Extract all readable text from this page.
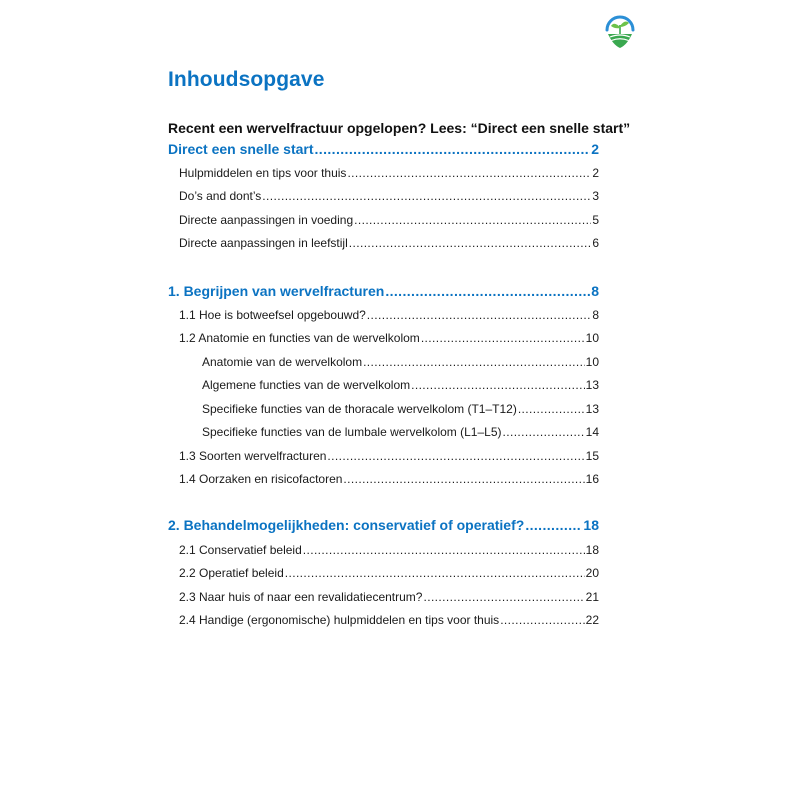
Inhoudsopgave
Recent een wervelfractuur opgelopen? Lees: “Direct een snelle start”
Direct een snelle start .....	2
Hulpmiddelen en tips voor thuis .....	2
Do’s and dont’s .....	3
Directe aanpassingen in voeding .....	5
Directe aanpassingen in leefstijl .....	6
1. Begrijpen van wervelfracturen .....	8
1.1 Hoe is botweefsel opgebouwd? .....	8
1.2 Anatomie en functies van de wervelkolom .....	10
Anatomie van de wervelkolom .....	10
Algemene functies van de wervelkolom .....	13
Specifieke functies van de thoracale wervelkolom (T1–T12) .....	13
Specifieke functies van de lumbale wervelkolom (L1–L5) .....	14
1.3 Soorten wervelfracturen .....	15
1.4 Oorzaken en risicofactoren .....	16
2. Behandelmogelijkheden: conservatief of operatief? .....	18
2.1 Conservatief beleid .....	18
2.2 Operatief beleid .....	20
2.3 Naar huis of naar een revalidatiecentrum? .....	21
2.4 Handige (ergonomische) hulpmiddelen en tips voor thuis .....	22
